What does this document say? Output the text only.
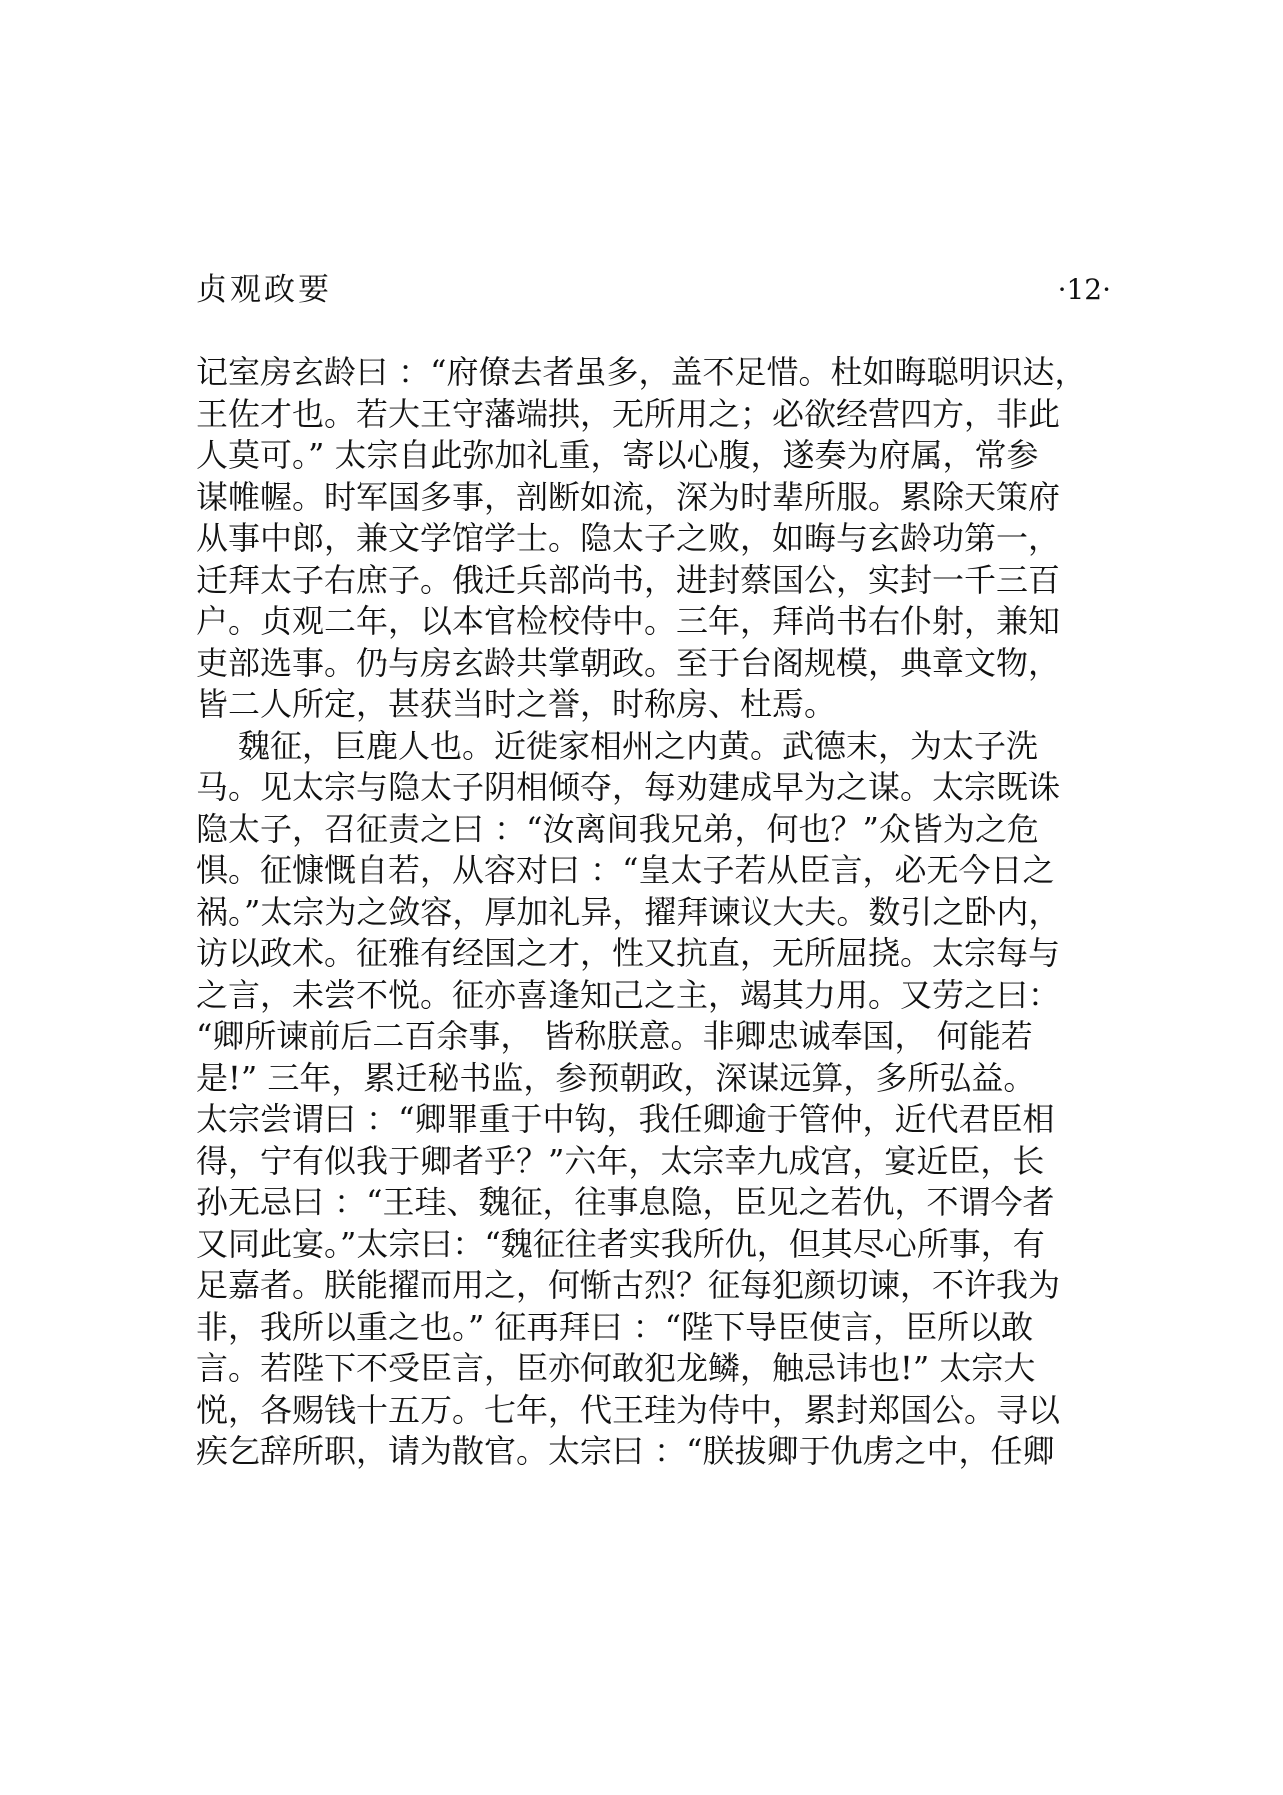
贞观政要	·12·
记室房玄龄曰 ：“府僚去者虽多，盖不足惜。杜如晦聪明识达，
王佐才也。若大王守藩端拱，无所用之；必欲经营四方，非此
人莫可。” 太宗自此弥加礼重，寄以心腹，遂奏为府属，常参
谋帷幄。时军国多事，剖断如流，深为时辈所服。累除天策府
从事中郎，兼文学馆学士。隐太子之败，如晦与玄龄功第一，
迁拜太子右庶子。俄迁兵部尚书，进封蔡国公，实封一千三百
户。贞观二年，以本官检校侍中。三年，拜尚书右仆射，兼知
吏部选事。仍与房玄龄共掌朝政。至于台阁规模，典章文物，
皆二人所定，甚获当时之誉，时称房、杜焉。
魏征，巨鹿人也。近徙家相州之内黄。武德末，为太子洗
马。见太宗与隐太子阴相倾夺，每劝建成早为之谋。太宗既诛
隐太子，召征责之曰 ：“汝离间我兄弟，何也？”众皆为之危
惧。征慷慨自若，从容对曰 ：“皇太子若从臣言，必无今日之
祸。”太宗为之敛容，厚加礼异，擢拜谏议大夫。数引之卧内，
访以政术。征雅有经国之才，性又抗直，无所屈挠。太宗每与
之言，未尝不悦。征亦喜逢知己之主，竭其力用。又劳之曰：
“卿所谏前后二百余事， 皆称朕意。非卿忠诚奉国， 何能若
是!” 三年，累迁秘书监，参预朝政，深谋远算，多所弘益。
太宗尝谓曰 ：“卿罪重于中钩，我任卿逾于管仲，近代君臣相
得，宁有似我于卿者乎？”六年，太宗幸九成宫，宴近臣，长
孙无忌曰 ：“王珪、魏征，往事息隐，臣见之若仇，不谓今者
又同此宴。”太宗曰：“魏征往者实我所仇，但其尽心所事，有
足嘉者。朕能擢而用之，何惭古烈？征每犯颜切谏，不许我为
非，我所以重之也。” 征再拜曰 ：“陛下导臣使言，臣所以敢
言。若陛下不受臣言，臣亦何敢犯龙鳞，触忌讳也!” 太宗大
悦，各赐钱十五万。七年，代王珪为侍中，累封郑国公。寻以
疾乞辞所职，请为散官。太宗曰 ：“朕拔卿于仇虏之中，任卿
